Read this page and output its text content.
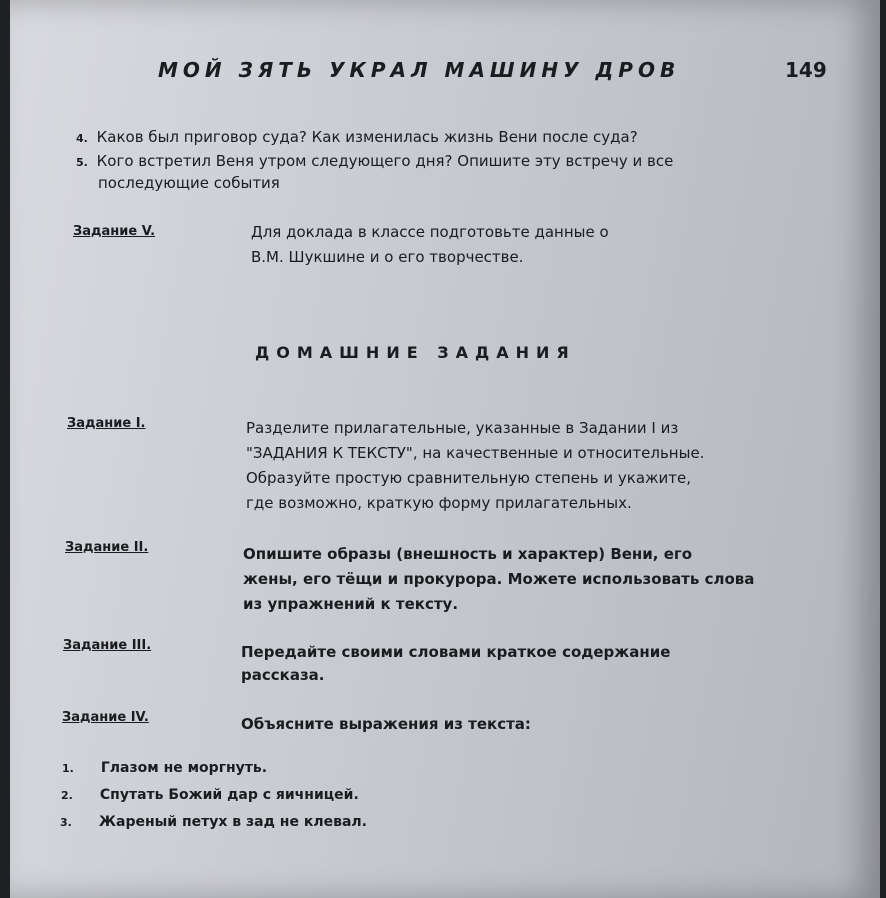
МОЙ ЗЯТЬ УКРАЛ МАШИНУ ДРОВ	149
4. Каков был приговор суда? Как изменилась жизнь Вени после суда?
5. Кого встретил Веня утром следующего дня? Опишите эту встречу и все
последующие события
Задание V.	Для доклада в классе подготовьте данные о
В.М. Шукшине и о его творчестве.
ДОМАШНИЕ ЗАДАНИЯ
Задание I.	Разделите прилагательные, указанные в Задании I из
"ЗАДАНИЯ К ТЕКСТУ", на качественные и относительные.
Образуйте простую сравнительную степень и укажите,
где возможно, краткую форму прилагательных.
Задание II.	Опишите образы (внешность и характер) Вени, его
жены, его тёщи и прокурора. Можете использовать слова
из упражнений к тексту.
Задание III.	Передайте своими словами краткое содержание
рассказа.
Задание IV.	Объясните выражения из текста:
1. Глазом не моргнуть.
2. Спутать Божий дар с яичницей.
3. Жареный петух в зад не клевал.
